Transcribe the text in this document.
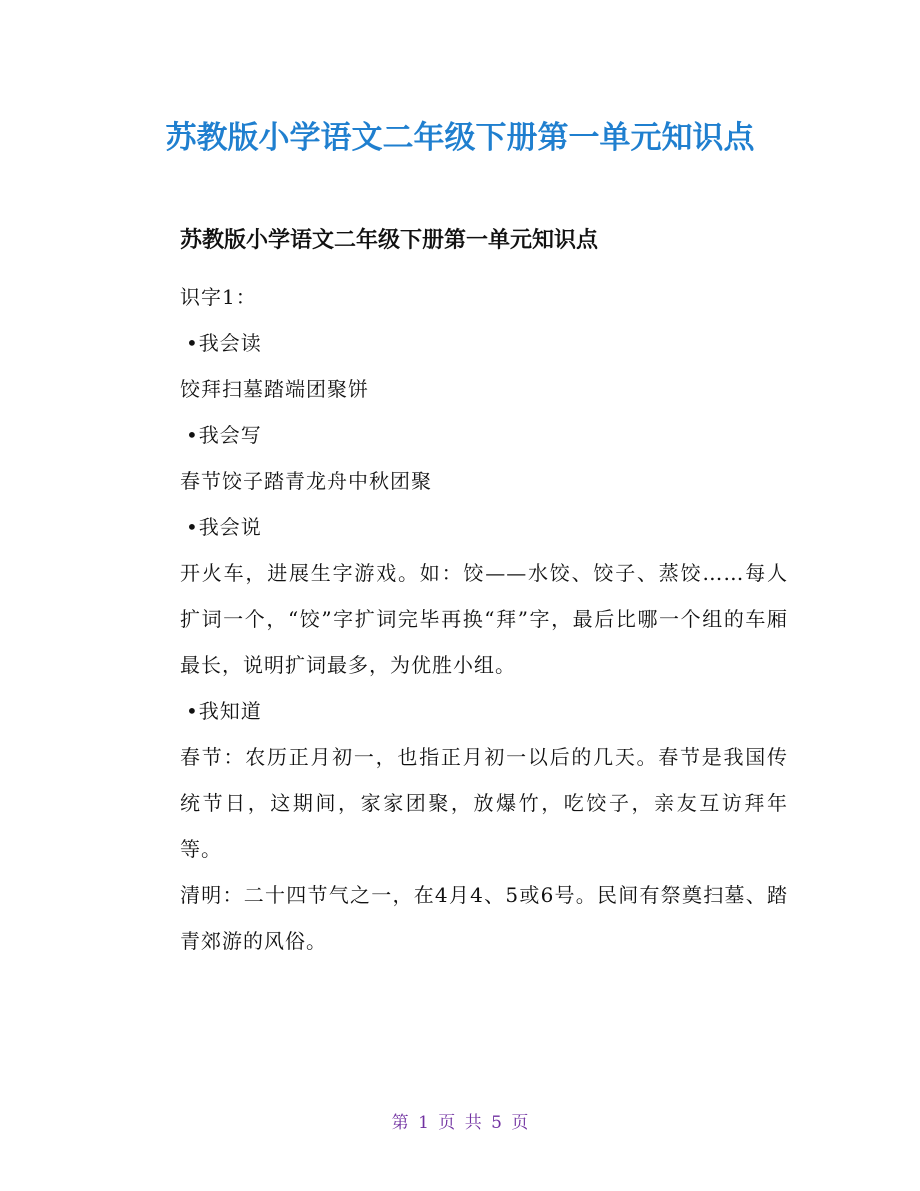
苏教版小学语文二年级下册第一单元知识点
苏教版小学语文二年级下册第一单元知识点

识字1：

•我会读

饺拜扫墓踏端团聚饼

•我会写

春节饺子踏青龙舟中秋团聚

•我会说

开火车，进展生字游戏。如：饺——水饺、饺子、蒸饺……每人扩词一个，“饺”字扩词完毕再换“拜”字，最后比哪一个组的车厢最长，说明扩词最多，为优胜小组。

•我知道

春节：农历正月初一，也指正月初一以后的几天。春节是我国传统节日，这期间，家家团聚，放爆竹，吃饺子，亲友互访拜年等。

清明：二十四节气之一，在4月4、5或6号。民间有祭奠扫墓、踏青郊游的风俗。

第 1 页 共 5 页
